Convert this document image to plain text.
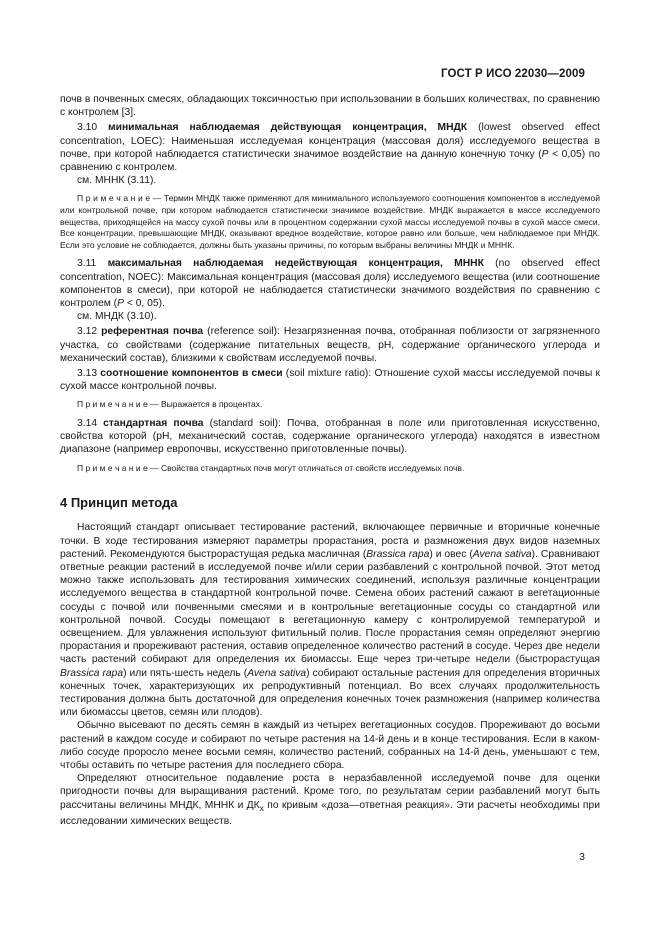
ГОСТ Р ИСО 22030—2009

почв в почвенных смесях, обладающих токсичностью при использовании в больших количествах, по сравнению с контролем [3].

3.10 минимальная наблюдаемая действующая концентрация, МНДК (lowest observed effect concentration, LOEC): Наименьшая исследуемая концентрация (массовая доля) исследуемого вещества в почве, при которой наблюдается статистически значимое воздействие на данную конечную точку (P < 0,05) по сравнению с контролем.

см. МННК (3.11).

П р и м е ч а н и е — Термин МНДК также применяют для минимального используемого соотношения компонентов в исследуемой или контрольной почве, при котором наблюдается статистически значимое воздействие. МНДК выражается в массе исследуемого вещества, приходящейся на массу сухой почвы или в процентном содержании сухой массы исследуемой почвы в сухой массе смеси. Все концентрации, превышающие МНДК, оказывают вредное воздействие, которое равно или больше, чем наблюдаемое при МНДК. Если это условие не соблюдается, должны быть указаны причины, по которым выбраны величины МНДК и МННК.

3.11 максимальная наблюдаемая недействующая концентрация, МННК (no observed effect concentration, NOEC): Максимальная концентрация (массовая доля) исследуемого вещества (или соотношение компонентов в смеси), при которой не наблюдается статистически значимого воздействия по сравнению с контролем (P < 0, 05).

см. МНДК (3.10).

3.12 референтная почва (reference soil): Незагрязненная почва, отобранная поблизости от загрязненного участка, со свойствами (содержание питательных веществ, pH, содержание органического углерода и механический состав), близкими к свойствам исследуемой почвы.

3.13 соотношение компонентов в смеси (soil mixture ratio): Отношение сухой массы исследуемой почвы к сухой массе контрольной почвы.

П р и м е ч а н и е — Выражается в процентах.

3.14 стандартная почва (standard soil): Почва, отобранная в поле или приготовленная искусственно, свойства которой (pH, механический состав, содержание органического углерода) находятся в известном диапазоне (например европочвы, искусственно приготовленные почвы).

П р и м е ч а н и е — Свойства стандартных почв могут отличаться от свойств исследуемых почв.

4 Принцип метода

Настоящий стандарт описывает тестирование растений, включающее первичные и вторичные конечные точки. В ходе тестирования измеряют параметры прорастания, роста и размножения двух видов наземных растений. Рекомендуются быстрорастущая редька масличная (Brassica rapa) и овес (Avena sativa). Сравнивают ответные реакции растений в исследуемой почве и/или серии разбавлений с контрольной почвой. Этот метод можно также использовать для тестирования химических соединений, используя различные концентрации исследуемого вещества в стандартной контрольной почве. Семена обоих растений сажают в вегетационные сосуды с почвой или почвенными смесями и в контрольные вегетационные сосуды со стандартной или контрольной почвой. Сосуды помещают в вегетационную камеру с контролируемой температурой и освещением. Для увлажнения используют фитильный полив. После прорастания семян определяют энергию прорастания и прореживают растения, оставив определенное количество растений в сосуде. Через две недели часть растений собирают для определения их биомассы. Еще через три-четыре недели (быстрорастущая Brassica rapa) или пять-шесть недель (Avena sativa) собирают остальные растения для определения вторичных конечных точек, характеризующих их репродуктивный потенциал. Во всех случаях продолжительность тестирования должна быть достаточной для определения конечных точек размножения (например количества или биомассы цветов, семян или плодов).

Обычно высевают по десять семян в каждый из четырех вегетационных сосудов. Прореживают до восьми растений в каждом сосуде и собирают по четыре растения на 14-й день и в конце тестирования. Если в каком-либо сосуде проросло менее восьми семян, количество растений, собранных на 14-й день, уменьшают с тем, чтобы оставить по четыре растения для последнего сбора.

Определяют относительное подавление роста в неразбавленной исследуемой почве для оценки пригодности почвы для выращивания растений. Кроме того, по результатам серии разбавлений могут быть рассчитаны величины МНДК, МННК и $ДК_х$ по кривым «доза—ответная реакция». Эти расчеты необходимы при исследовании химических веществ.

3
